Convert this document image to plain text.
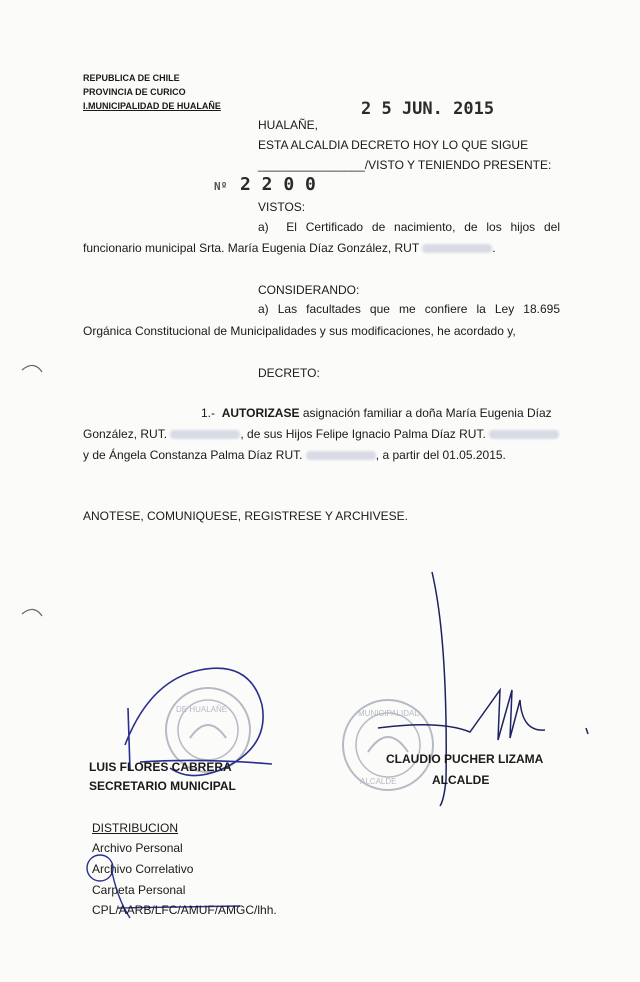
REPUBLICA DE CHILE
PROVINCIA DE CURICO
I.MUNICIPALIDAD DE HUALAÑE	2 5 JUN. 2015
HUALAÑE,
ESTA ALCALDIA DECRETO HOY LO QUE SIGUE
________________/VISTO Y TENIENDO PRESENTE:
Nº 2 2 0 0
VISTOS:
a)    El  Certificado  de  nacimiento,  de  los  hijos  del
funcionario municipal Srta. María Eugenia Díaz González, RUT	.
CONSIDERANDO:
a)  Las  facultades  que  me  confiere  la  Ley  18.695
Orgánica Constitucional de Municipalidades y sus modificaciones, he acordado y,
DECRETO:
1.- AUTORIZASE asignación familiar a doña María Eugenia Díaz
González, RUT.	, de sus Hijos Felipe Ignacio Palma Díaz RUT.
y de Ángela Constanza Palma Díaz RUT.	, a partir del 01.05.2015.
ANOTESE, COMUNIQUESE, REGISTRESE Y ARCHIVESE.
DE HUALAÑE	MUNICIPALIDAD
ALCALDE
LUIS FLORES CABRERA
SECRETARIO MUNICIPAL
CLAUDIO PUCHER LIZAMA
ALCALDE
DISTRIBUCION
Archivo Personal
Archivo Correlativo
Carpeta Personal
CPL/AARB/LFC/AMUF/AMGC/lhh.
